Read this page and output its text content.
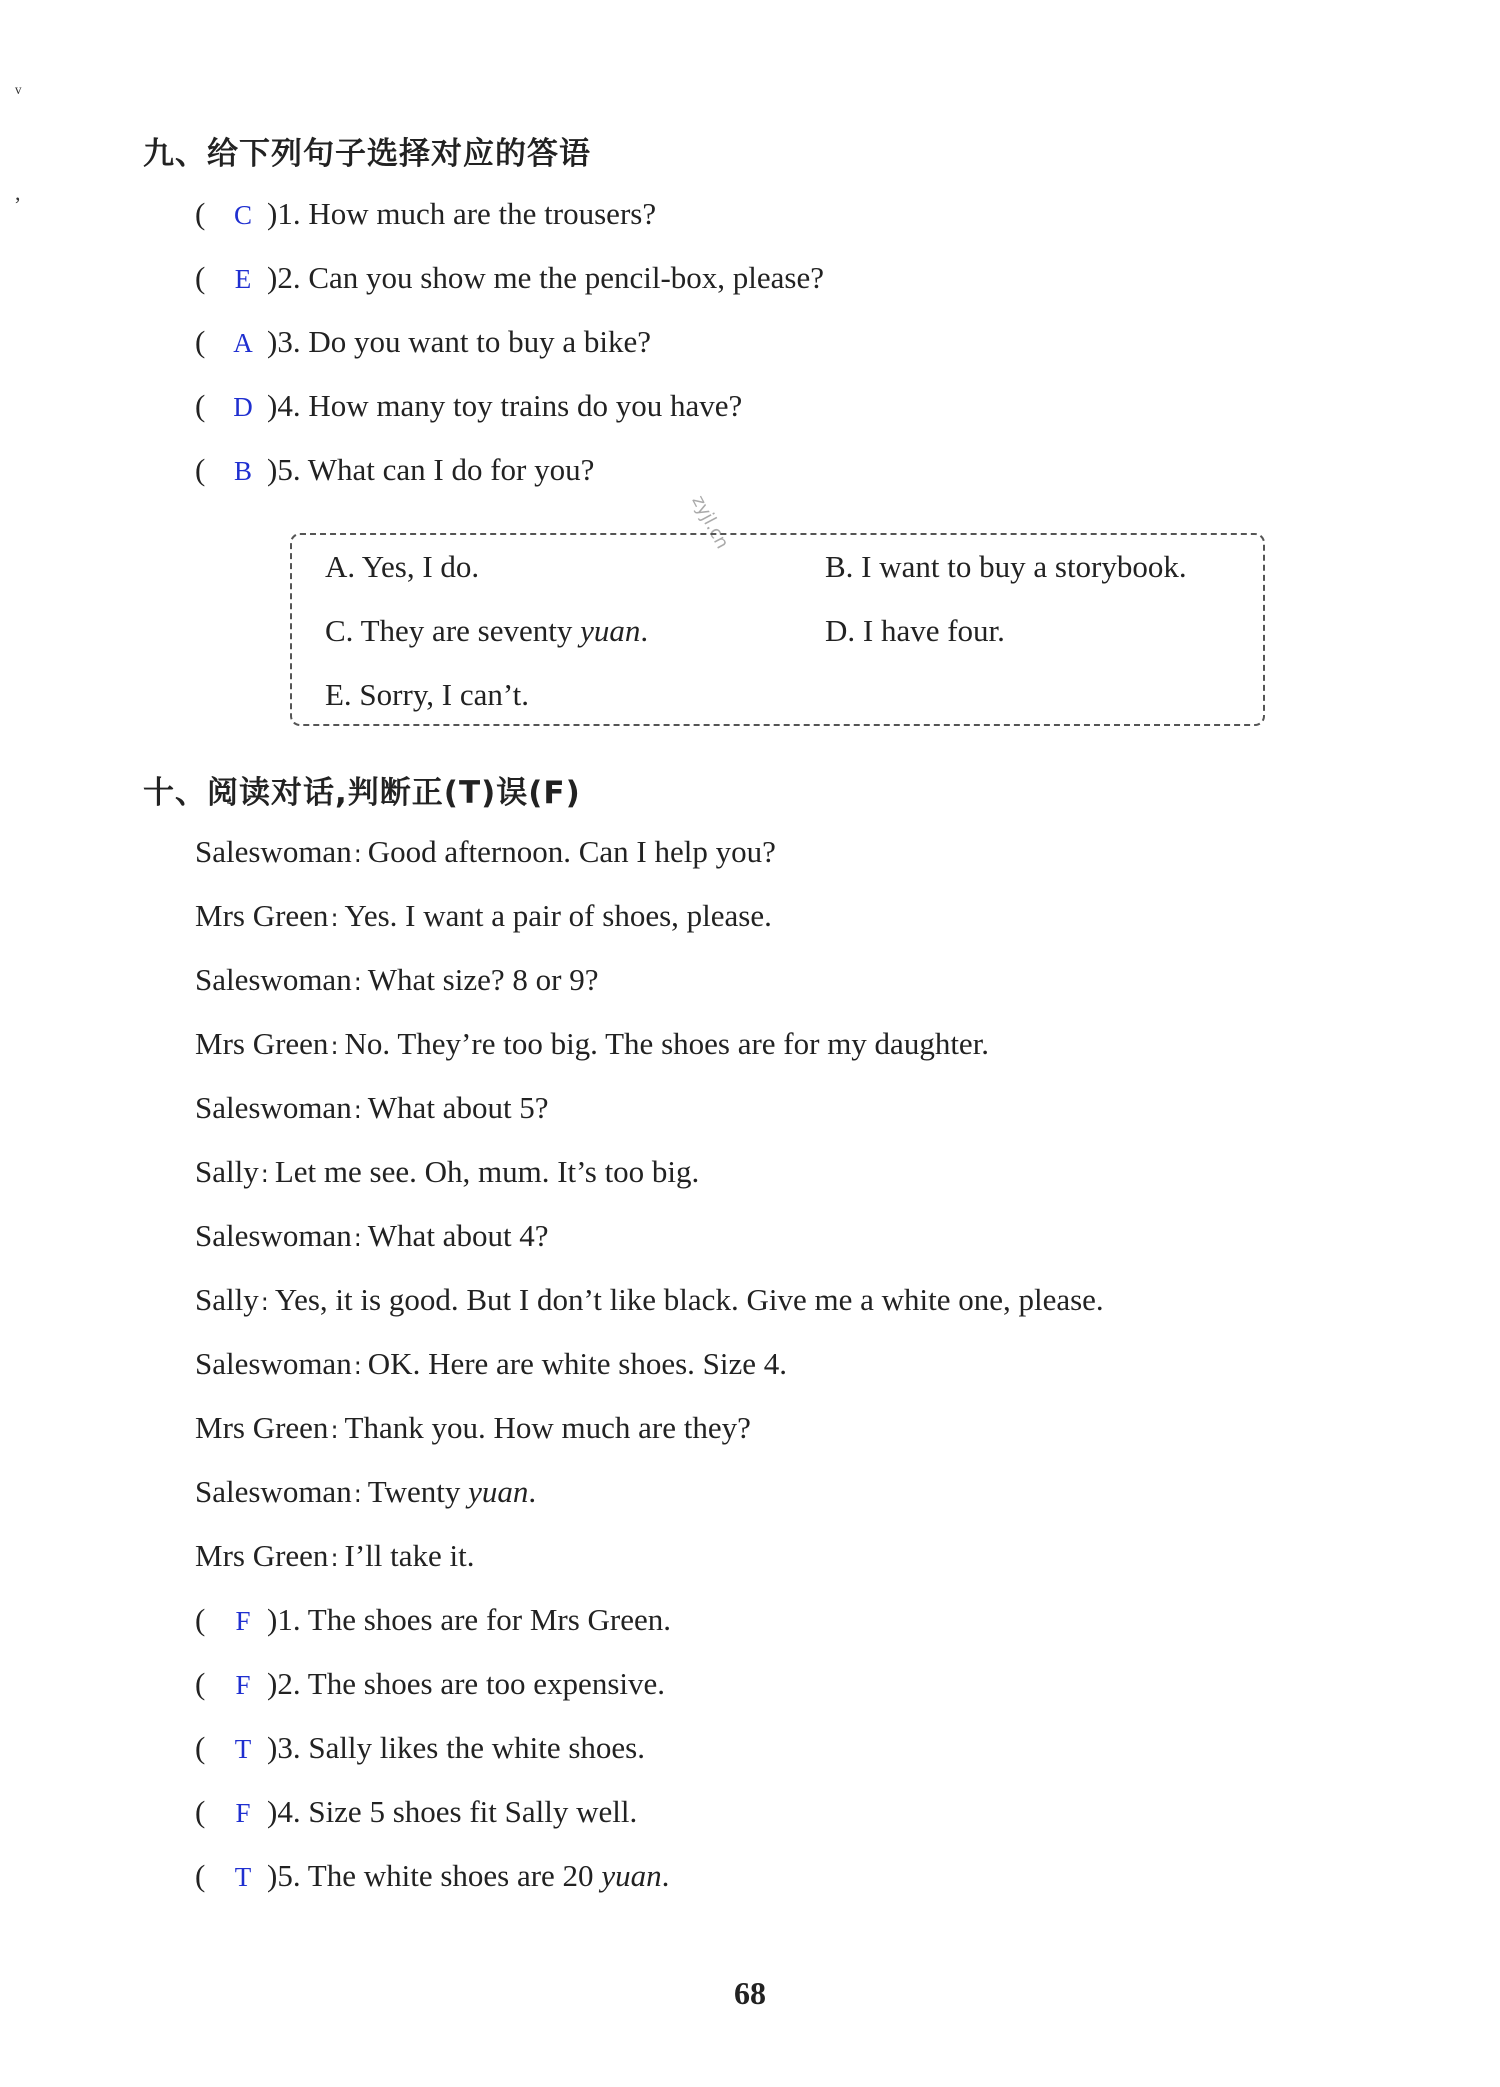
ᵛ
,
九、给下列句子选择对应的答语
(	C )1. How much are the trousers?
(	E )2. Can you show me the pencil-box, please?
(	A )3. Do you want to buy a bike?
(	D )4. How many toy trains do you have?
(	B )5. What can I do for you?
zyjl.cn
A. Yes, I do.	B. I want to buy a storybook.
C. They are seventy yuan.	D. I have four.
E. Sorry, I can’t.
十、阅读对话,判断正(T)误(F)
Saleswoman: Good afternoon. Can I help you?
Mrs Green: Yes. I want a pair of shoes, please.
Saleswoman: What size? 8 or 9?
Mrs Green: No. They’re too big. The shoes are for my daughter.
Saleswoman: What about 5?
Sally: Let me see. Oh, mum. It’s too big.
Saleswoman: What about 4?
Sally: Yes, it is good. But I don’t like black. Give me a white one, please.
Saleswoman: OK. Here are white shoes. Size 4.
Mrs Green: Thank you. How much are they?
Saleswoman: Twenty yuan.
Mrs Green: I’ll take it.
(	F )1. The shoes are for Mrs Green.
(	F )2. The shoes are too expensive.
(	T )3. Sally likes the white shoes.
(	F )4. Size 5 shoes fit Sally well.
(	T )5. The white shoes are 20 yuan.
68
